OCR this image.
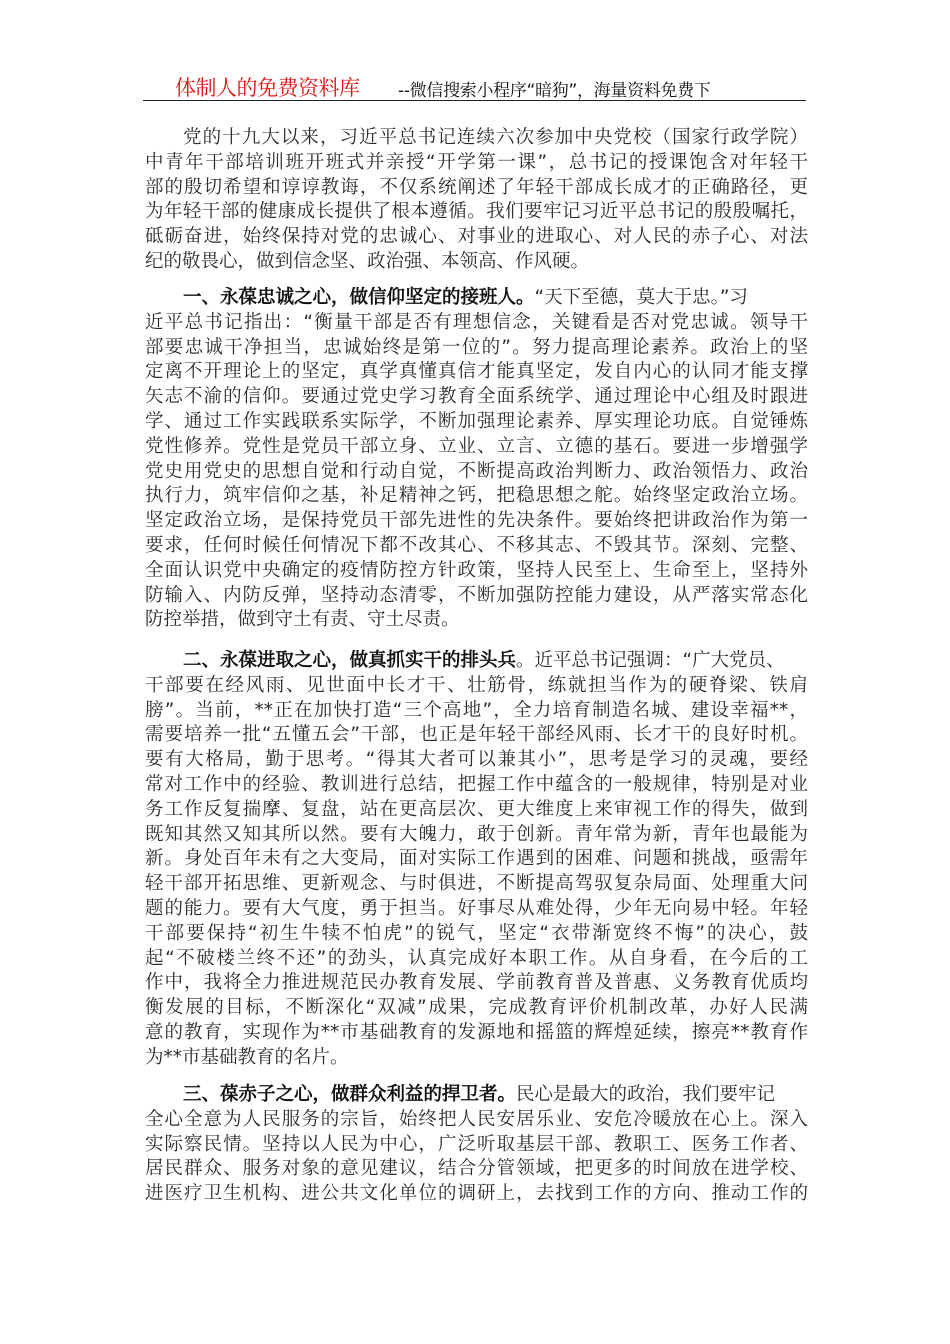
体制人的免费资料库 --微信搜索小程序“暗狗”，海量资料免费下
党的十九大以来，习近平总书记连续六次参加中央党校（国家行政学院）
中青年干部培训班开班式并亲授“开学第一课”，总书记的授课饱含对年轻干
部的殷切希望和谆谆教诲，不仅系统阐述了年轻干部成长成才的正确路径，更
为年轻干部的健康成长提供了根本遵循。我们要牢记习近平总书记的殷殷嘱托，
砥砺奋进，始终保持对党的忠诚心、对事业的进取心、对人民的赤子心、对法
纪的敬畏心，做到信念坚、政治强、本领高、作风硬。
一、永葆忠诚之心，做信仰坚定的接班人。 “天下至德，莫大于忠。”习
近平总书记指出：“衡量干部是否有理想信念，关键看是否对党忠诚。领导干
部要忠诚干净担当，忠诚始终是第一位的”。努力提高理论素养。政治上的坚
定离不开理论上的坚定，真学真懂真信才能真坚定，发自内心的认同才能支撑
矢志不渝的信仰。要通过党史学习教育全面系统学、通过理论中心组及时跟进
学、通过工作实践联系实际学，不断加强理论素养、厚实理论功底。自觉锤炼
党性修养。党性是党员干部立身、立业、立言、立德的基石。要进一步增强学
党史用党史的思想自觉和行动自觉，不断提高政治判断力、政治领悟力、政治
执行力，筑牢信仰之基，补足精神之钙，把稳思想之舵。始终坚定政治立场。
坚定政治立场，是保持党员干部先进性的先决条件。要始终把讲政治作为第一
要求，任何时候任何情况下都不改其心、不移其志、不毁其节。深刻、完整、
全面认识党中央确定的疫情防控方针政策，坚持人民至上、生命至上，坚持外
防输入、内防反弹，坚持动态清零，不断加强防控能力建设，从严落实常态化
防控举措，做到守土有责、守土尽责。
二、永葆进取之心，做真抓实干的排头兵 。近平总书记强调：“广大党员、
干部要在经风雨、见世面中长才干、壮筋骨，练就担当作为的硬脊梁、铁肩
膀”。当前，**正在加快打造“三个高地”，全力培育制造名城、建设幸福**，
需要培养一批“五懂五会”干部，也正是年轻干部经风雨、长才干的良好时机。
要有大格局，勤于思考。“得其大者可以兼其小”，思考是学习的灵魂，要经
常对工作中的经验、教训进行总结，把握工作中蕴含的一般规律，特别是对业
务工作反复揣摩、复盘，站在更高层次、更大维度上来审视工作的得失，做到
既知其然又知其所以然。要有大魄力，敢于创新。青年常为新，青年也最能为
新。身处百年未有之大变局，面对实际工作遇到的困难、问题和挑战，亟需年
轻干部开拓思维、更新观念、与时俱进，不断提高驾驭复杂局面、处理重大问
题的能力。要有大气度，勇于担当。好事尽从难处得，少年无向易中轻。年轻
干部要保持“初生牛犊不怕虎”的锐气，坚定“衣带渐宽终不悔”的决心，鼓
起“不破楼兰终不还”的劲头，认真完成好本职工作。从自身看，在今后的工
作中，我将全力推进规范民办教育发展、学前教育普及普惠、义务教育优质均
衡发展的目标，不断深化“双减”成果，完成教育评价机制改革，办好人民满
意的教育，实现作为**市基础教育的发源地和摇篮的辉煌延续，擦亮**教育作
为**市基础教育的名片。
三、葆赤子之心，做群众利益的捍卫者。 民心是最大的政治，我们要牢记
全心全意为人民服务的宗旨，始终把人民安居乐业、安危冷暖放在心上。深入
实际察民情。坚持以人民为中心，广泛听取基层干部、教职工、医务工作者、
居民群众、服务对象的意见建议，结合分管领域，把更多的时间放在进学校、
进医疗卫生机构、进公共文化单位的调研上，去找到工作的方向、推动工作的
